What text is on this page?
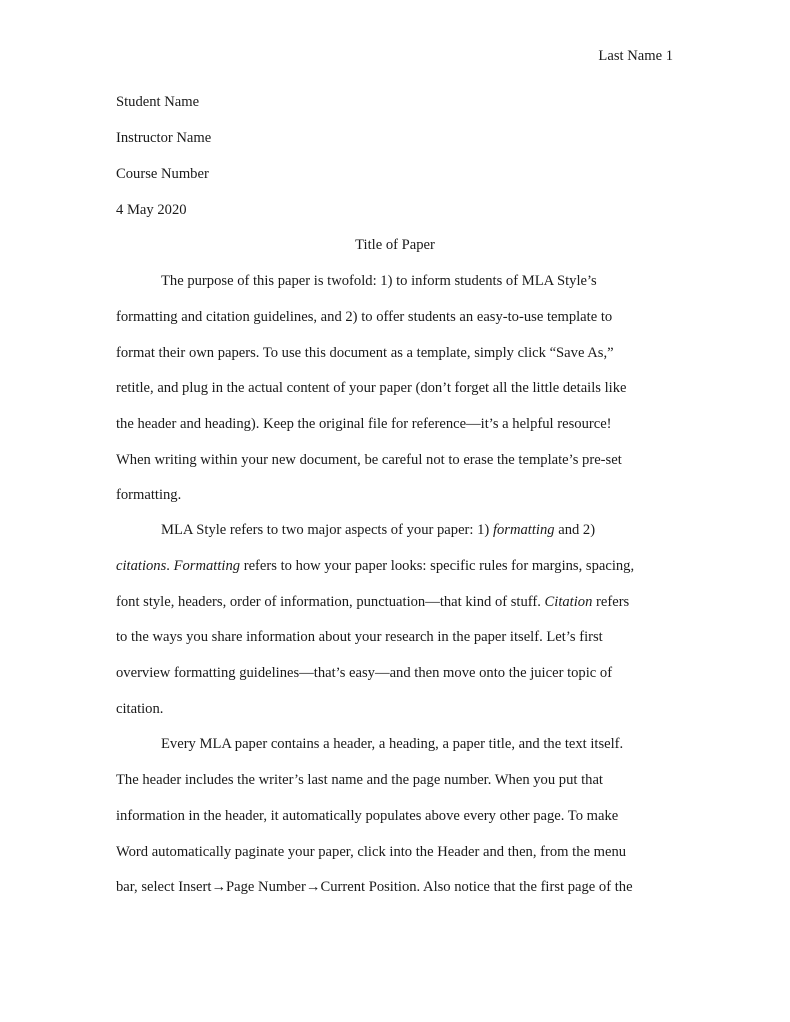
Last Name 1

Student Name

Instructor Name

Course Number

4 May 2020

Title of Paper

The purpose of this paper is twofold: 1) to inform students of MLA Style’s

formatting and citation guidelines, and 2) to offer students an easy-to-use template to

format their own papers. To use this document as a template, simply click “Save As,”

retitle, and plug in the actual content of your paper (don’t forget all the little details like

the header and heading). Keep the original file for reference—it’s a helpful resource!

When writing within your new document, be careful not to erase the template’s pre-set

formatting.

MLA Style refers to two major aspects of your paper: 1) formatting and 2)

citations. Formatting refers to how your paper looks: specific rules for margins, spacing,

font style, headers, order of information, punctuation—that kind of stuff. Citation refers

to the ways you share information about your research in the paper itself. Let’s first

overview formatting guidelines—that’s easy—and then move onto the juicer topic of

citation.

Every MLA paper contains a header, a heading, a paper title, and the text itself.

The header includes the writer’s last name and the page number. When you put that

information in the header, it automatically populates above every other page. To make

Word automatically paginate your paper, click into the Header and then, from the menu

bar, select Insert→Page Number→Current Position. Also notice that the first page of the
